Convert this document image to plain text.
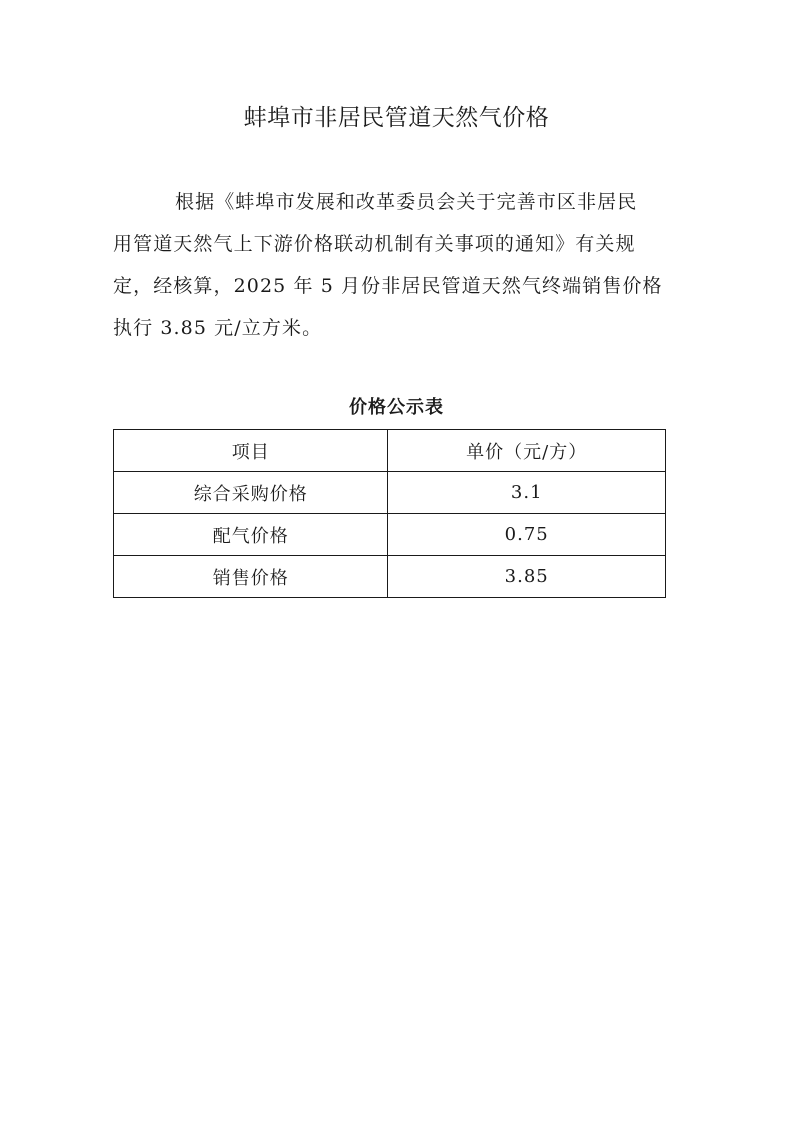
蚌埠市非居民管道天然气价格

根据《蚌埠市发展和改革委员会关于完善市区非居民
用管道天然气上下游价格联动机制有关事项的通知》有关规
定，经核算，2025 年 5 月份非居民管道天然气终端销售价格
执行 3.85 元/立方米。

价格公示表
项目	单价（元/方）
综合采购价格	3.1
配气价格	0.75
销售价格	3.85
